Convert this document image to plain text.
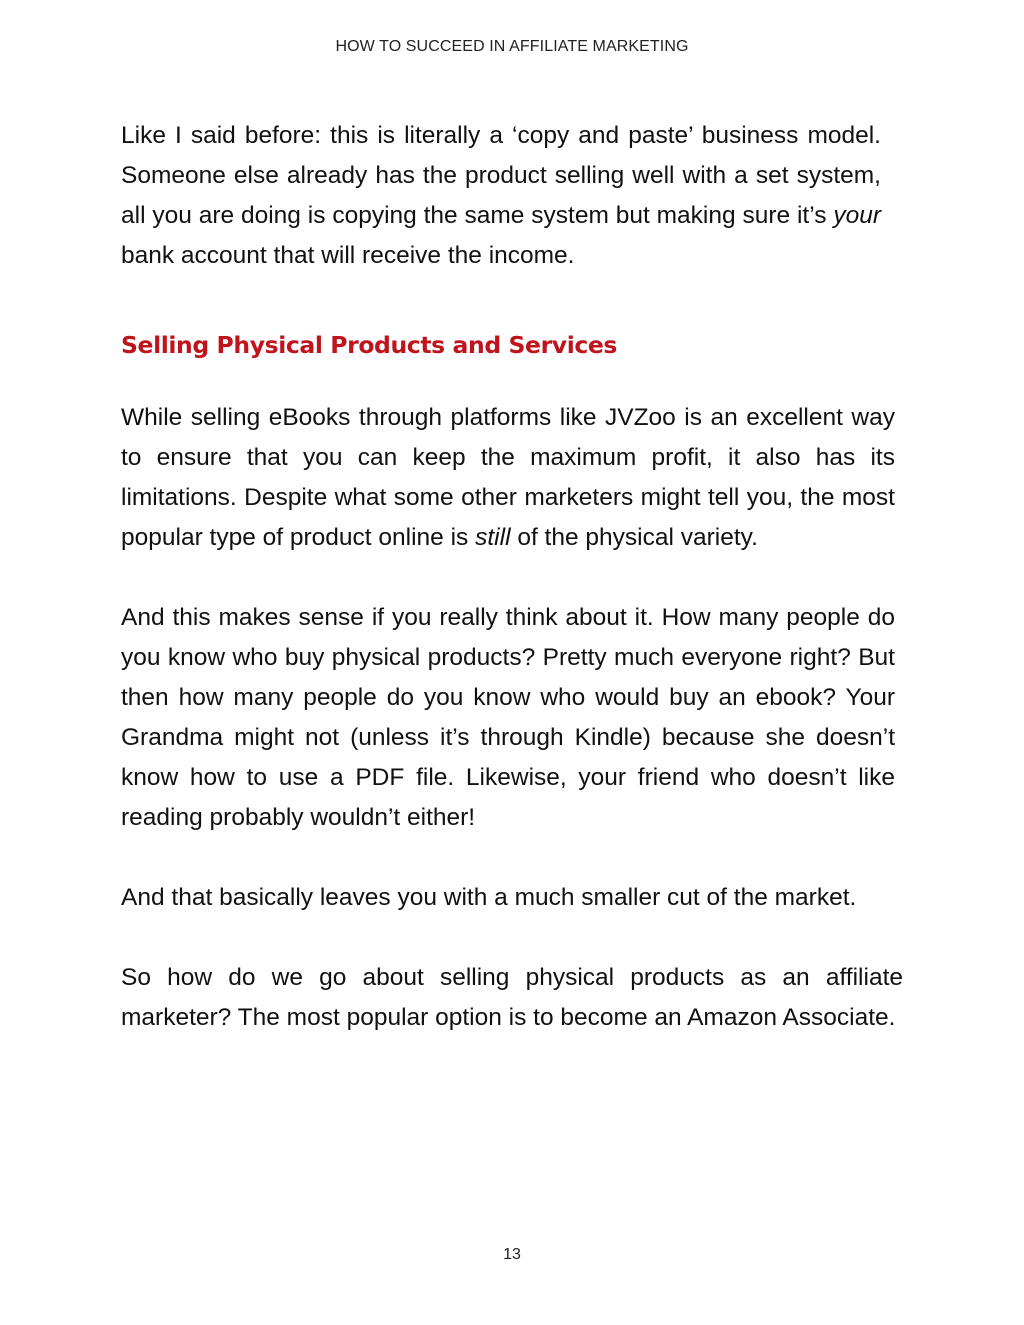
HOW TO SUCCEED IN AFFILIATE MARKETING

Like I said before: this is literally a ‘copy and paste’ business model. Someone else already has the product selling well with a set system, all you are doing is copying the same system but making sure it’s your bank account that will receive the income.

Selling Physical Products and Services

While selling eBooks through platforms like JVZoo is an excellent way to ensure that you can keep the maximum profit, it also has its limitations. Despite what some other marketers might tell you, the most popular type of product online is still of the physical variety.

And this makes sense if you really think about it. How many people do you know who buy physical products? Pretty much everyone right? But then how many people do you know who would buy an ebook? Your Grandma might not (unless it’s through Kindle) because she doesn’t know how to use a PDF file. Likewise, your friend who doesn’t like reading probably wouldn’t either!

And that basically leaves you with a much smaller cut of the market.

So how do we go about selling physical products as an affiliate marketer? The most popular option is to become an Amazon Associate.

13
